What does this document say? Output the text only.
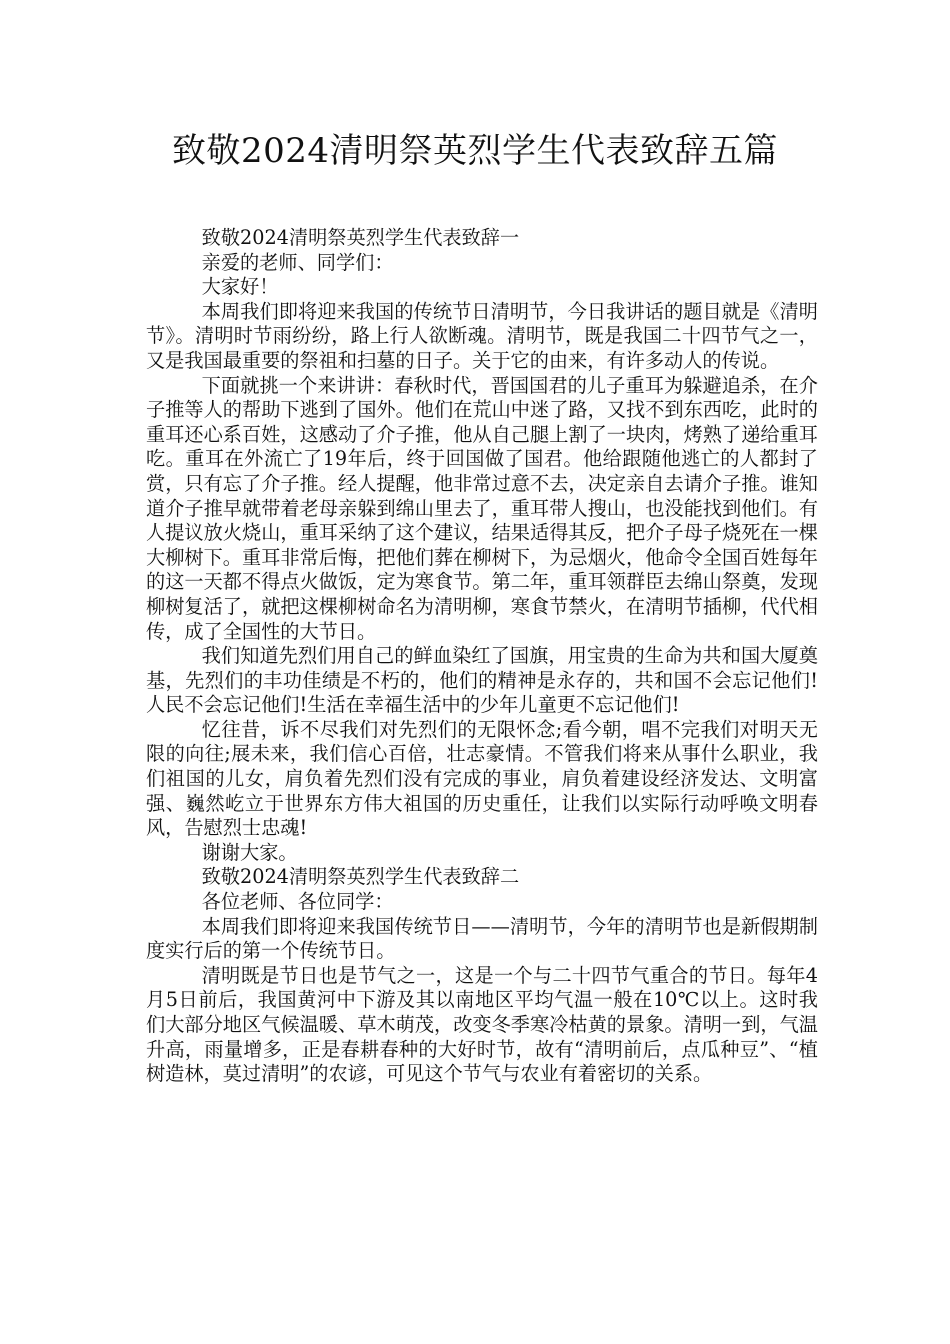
致敬2024清明祭英烈学生代表致辞五篇

致敬2024清明祭英烈学生代表致辞一

亲爱的老师、同学们：

大家好！

本周我们即将迎来我国的传统节日清明节，今日我讲话的题目就是《清明节》。清明时节雨纷纷，路上行人欲断魂。清明节，既是我国二十四节气之一，又是我国最重要的祭祖和扫墓的日子。关于它的由来，有许多动人的传说。

下面就挑一个来讲讲：春秋时代，晋国国君的儿子重耳为躲避追杀，在介子推等人的帮助下逃到了国外。他们在荒山中迷了路，又找不到东西吃，此时的重耳还心系百姓，这感动了介子推，他从自己腿上割了一块肉，烤熟了递给重耳吃。重耳在外流亡了19年后，终于回国做了国君。他给跟随他逃亡的人都封了赏，只有忘了介子推。经人提醒，他非常过意不去，决定亲自去请介子推。谁知道介子推早就带着老母亲躲到绵山里去了，重耳带人搜山，也没能找到他们。有人提议放火烧山，重耳采纳了这个建议，结果适得其反，把介子母子烧死在一棵大柳树下。重耳非常后悔，把他们葬在柳树下，为忌烟火，他命令全国百姓每年的这一天都不得点火做饭，定为寒食节。第二年，重耳领群臣去绵山祭奠，发现柳树复活了，就把这棵柳树命名为清明柳，寒食节禁火，在清明节插柳，代代相传，成了全国性的大节日。

我们知道先烈们用自己的鲜血染红了国旗，用宝贵的生命为共和国大厦奠基，先烈们的丰功佳绩是不朽的，他们的精神是永存的，共和国不会忘记他们!人民不会忘记他们!生活在幸福生活中的少年儿童更不忘记他们!

忆往昔，诉不尽我们对先烈们的无限怀念;看今朝，唱不完我们对明天无限的向往;展未来，我们信心百倍，壮志豪情。不管我们将来从事什么职业，我们祖国的儿女，肩负着先烈们没有完成的事业，肩负着建设经济发达、文明富强、巍然屹立于世界东方伟大祖国的历史重任，让我们以实际行动呼唤文明春风，告慰烈士忠魂!

谢谢大家。

致敬2024清明祭英烈学生代表致辞二

各位老师、各位同学：

本周我们即将迎来我国传统节日——清明节，今年的清明节也是新假期制度实行后的第一个传统节日。

清明既是节日也是节气之一，这是一个与二十四节气重合的节日。每年4月5日前后，我国黄河中下游及其以南地区平均气温一般在10℃以上。这时我们大部分地区气候温暖、草木萌茂，改变冬季寒冷枯黄的景象。清明一到，气温升高，雨量增多，正是春耕春种的大好时节，故有“清明前后，点瓜种豆”、“植树造林，莫过清明”的农谚，可见这个节气与农业有着密切的关系。
